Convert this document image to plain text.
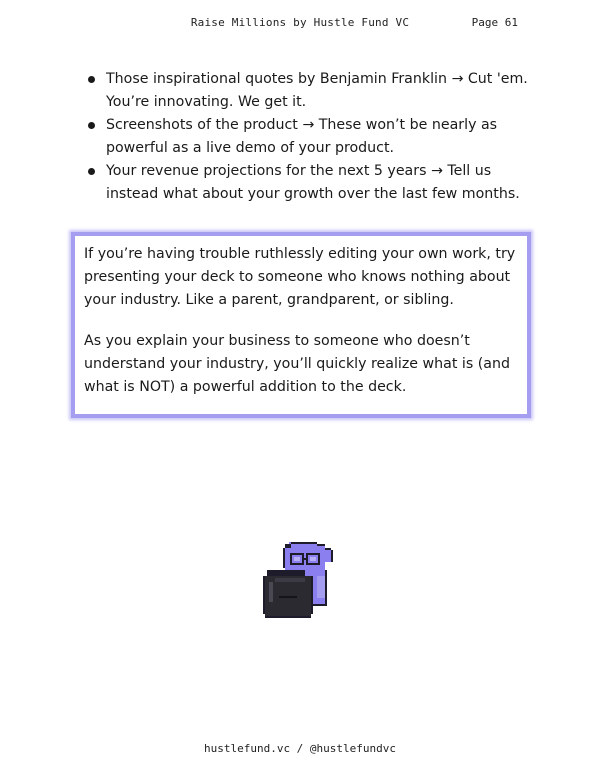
Raise Millions by Hustle Fund VC	Page 61
Those inspirational quotes by Benjamin Franklin → Cut 'em. You’re innovating. We get it.
Screenshots of the product → These won’t be nearly as powerful as a live demo of your product.
Your revenue projections for the next 5 years → Tell us instead what about your growth over the last few months.

If you’re having trouble ruthlessly editing your own work, try presenting your deck to someone who knows nothing about your industry. Like a parent, grandparent, or sibling.

As you explain your business to someone who doesn’t understand your industry, you’ll quickly realize what is (and what is NOT) a powerful addition to the deck.

hustlefund.vc / @hustlefundvc
